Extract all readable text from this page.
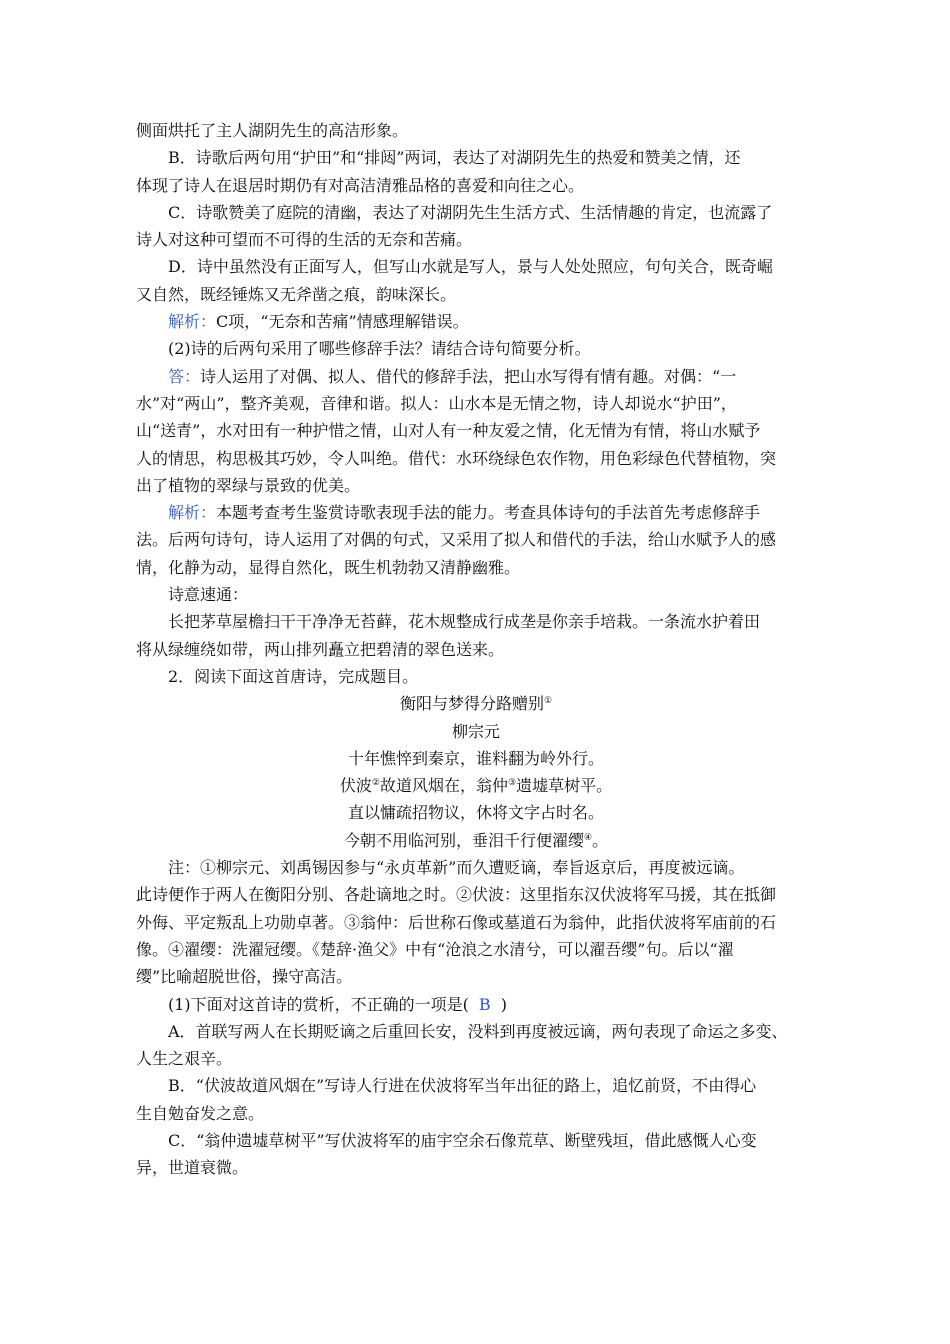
侧面烘托了主人湖阴先生的高洁形象。
B．诗歌后两句用“护田”和“排闼”两词，表达了对湖阴先生的热爱和赞美之情，还
体现了诗人在退居时期仍有对高洁清雅品格的喜爱和向往之心。
C．诗歌赞美了庭院的清幽，表达了对湖阴先生生活方式、生活情趣的肯定，也流露了
诗人对这种可望而不可得的生活的无奈和苦痛。
D．诗中虽然没有正面写人，但写山水就是写人，景与人处处照应，句句关合，既奇崛
又自然，既经锤炼又无斧凿之痕，韵味深长。
解析：C项，“无奈和苦痛”情感理解错误。
(2)诗的后两句采用了哪些修辞手法？请结合诗句简要分析。
答：诗人运用了对偶、拟人、借代的修辞手法，把山水写得有情有趣。对偶：“一
水”对“两山”，整齐美观，音律和谐。拟人：山水本是无情之物，诗人却说水“护田”，
山“送青”，水对田有一种护惜之情，山对人有一种友爱之情，化无情为有情，将山水赋予
人的情思，构思极其巧妙，令人叫绝。借代：水环绕绿色农作物，用色彩绿色代替植物，突
出了植物的翠绿与景致的优美。
解析：本题考查考生鉴赏诗歌表现手法的能力。考查具体诗句的手法首先考虑修辞手
法。后两句诗句，诗人运用了对偶的句式，又采用了拟人和借代的手法，给山水赋予人的感
情，化静为动，显得自然化，既生机勃勃又清静幽雅。
诗意速通：
长把茅草屋檐扫干干净净无苔藓，花木规整成行成垄是你亲手培栽。一条流水护着田
将从绿缠绕如带，两山排列矗立把碧清的翠色送来。
2．阅读下面这首唐诗，完成题目。
衡阳与梦得分路赠别①
柳宗元
十年憔悴到秦京，谁料翻为岭外行。
伏波②故道风烟在，翁仲③遗墟草树平。
直以慵疏招物议，休将文字占时名。
今朝不用临河别，垂泪千行便濯缨④。
注：①柳宗元、刘禹锡因参与“永贞革新”而久遭贬谪，奉旨返京后，再度被远谪。
此诗便作于两人在衡阳分别、各赴谪地之时。②伏波：这里指东汉伏波将军马援，其在抵御
外侮、平定叛乱上功勋卓著。③翁仲：后世称石像或墓道石为翁仲，此指伏波将军庙前的石
像。④濯缨：洗濯冠缨。《楚辞·渔父》中有“沧浪之水清兮，可以濯吾缨”句。后以“濯
缨”比喻超脱世俗，操守高洁。
(1)下面对这首诗的赏析，不正确的一项是( B )
A．首联写两人在长期贬谪之后重回长安，没料到再度被远谪，两句表现了命运之多变、
人生之艰辛。
B．“伏波故道风烟在”写诗人行进在伏波将军当年出征的路上，追忆前贤，不由得心
生自勉奋发之意。
C．“翁仲遗墟草树平”写伏波将军的庙宇空余石像荒草、断壁残垣，借此感慨人心变
异，世道衰微。
